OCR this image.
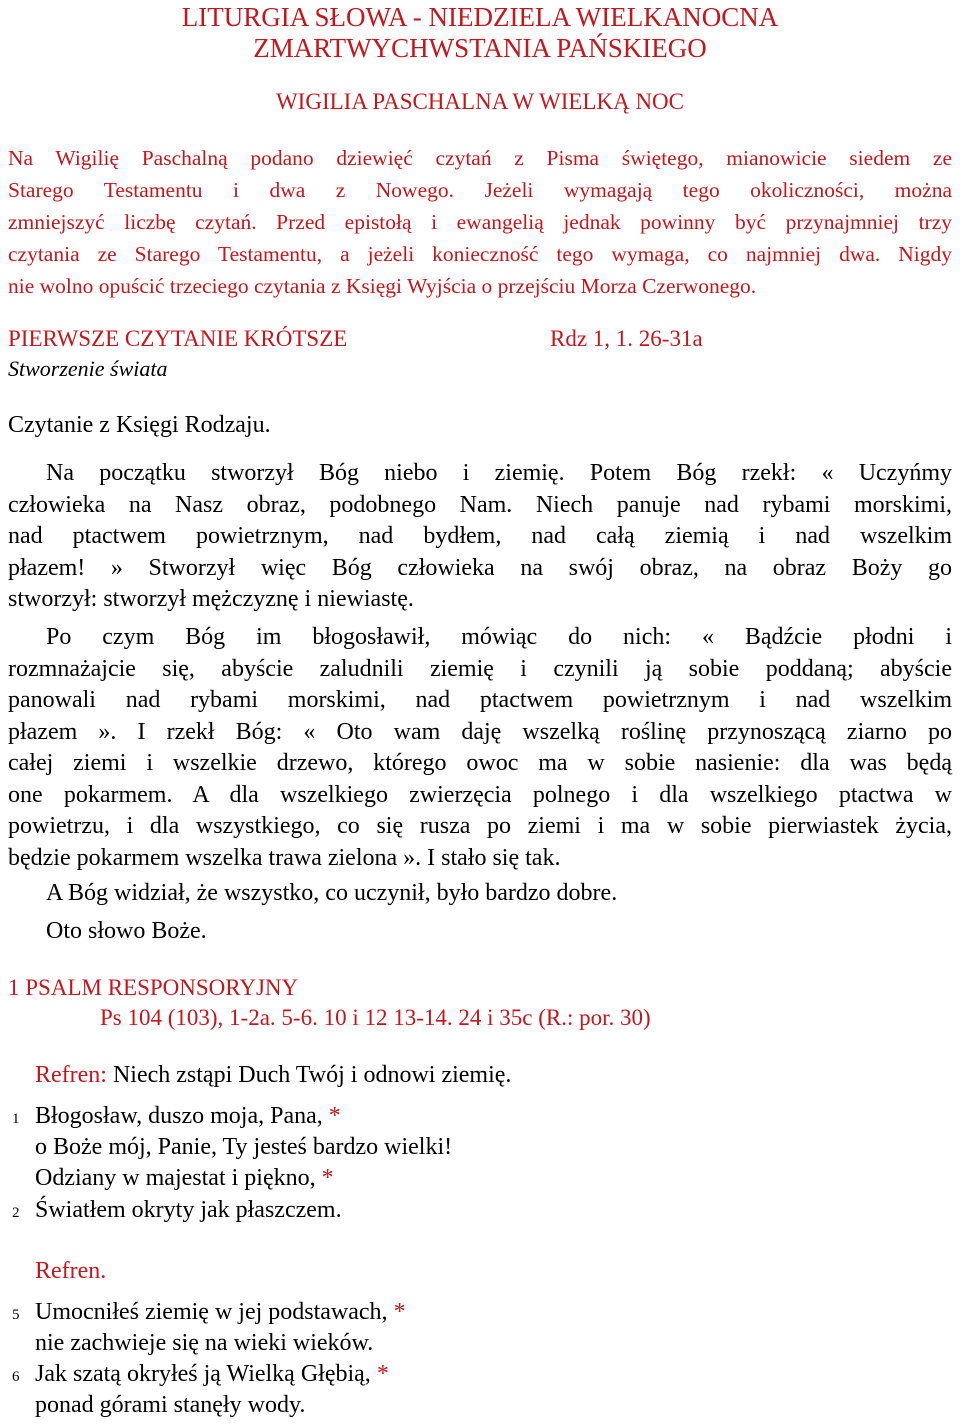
LITURGIA SŁOWA - NIEDZIELA WIELKANOCNA
ZMARTWYCHWSTANIA PAŃSKIEGO
WIGILIA PASCHALNA W WIELKĄ NOC
Na Wigilię Paschalną podano dziewięć czytań z Pisma świętego, mianowicie siedem ze
Starego Testamentu i dwa z Nowego. Jeżeli wymagają tego okoliczności, można
zmniejszyć liczbę czytań. Przed epistołą i ewangelią jednak powinny być przynajmniej trzy
czytania ze Starego Testamentu, a jeżeli konieczność tego wymaga, co najmniej dwa. Nigdy
nie wolno opuścić trzeciego czytania z Księgi Wyjścia o przejściu Morza Czerwonego.
PIERWSZE CZYTANIE KRÓTSZE	Rdz 1, 1. 26-31a
Stworzenie świata
Czytanie z Księgi Rodzaju.
Na początku stworzył Bóg niebo i ziemię. Potem Bóg rzekł: « Uczyńmy
człowieka na Nasz obraz, podobnego Nam. Niech panuje nad rybami morskimi,
nad ptactwem powietrznym, nad bydłem, nad całą ziemią i nad wszelkim
płazem! » Stworzył więc Bóg człowieka na swój obraz, na obraz Boży go
stworzył: stworzył mężczyznę i niewiastę.
Po czym Bóg im błogosławił, mówiąc do nich: « Bądźcie płodni i
rozmnażajcie się, abyście zaludnili ziemię i czynili ją sobie poddaną; abyście
panowali nad rybami morskimi, nad ptactwem powietrznym i nad wszelkim
płazem ». I rzekł Bóg: « Oto wam daję wszelką roślinę przynoszącą ziarno po
całej ziemi i wszelkie drzewo, którego owoc ma w sobie nasienie: dla was będą
one pokarmem. A dla wszelkiego zwierzęcia polnego i dla wszelkiego ptactwa w
powietrzu, i dla wszystkiego, co się rusza po ziemi i ma w sobie pierwiastek życia,
będzie pokarmem wszelka trawa zielona ». I stało się tak.
A Bóg widział, że wszystko, co uczynił, było bardzo dobre.
Oto słowo Boże.
1 PSALM RESPONSORYJNY
Ps 104 (103), 1-2a. 5-6. 10 i 12 13-14. 24 i 35c (R.: por. 30)
Refren: Niech zstąpi Duch Twój i odnowi ziemię.
1 Błogosław, duszo moja, Pana, *
o Boże mój, Panie, Ty jesteś bardzo wielki!
Odziany w majestat i piękno, *
2 Światłem okryty jak płaszczem.
Refren.
5 Umocniłeś ziemię w jej podstawach, *
nie zachwieje się na wieki wieków.
6 Jak szatą okryłeś ją Wielką Głębią, *
ponad górami stanęły wody.
